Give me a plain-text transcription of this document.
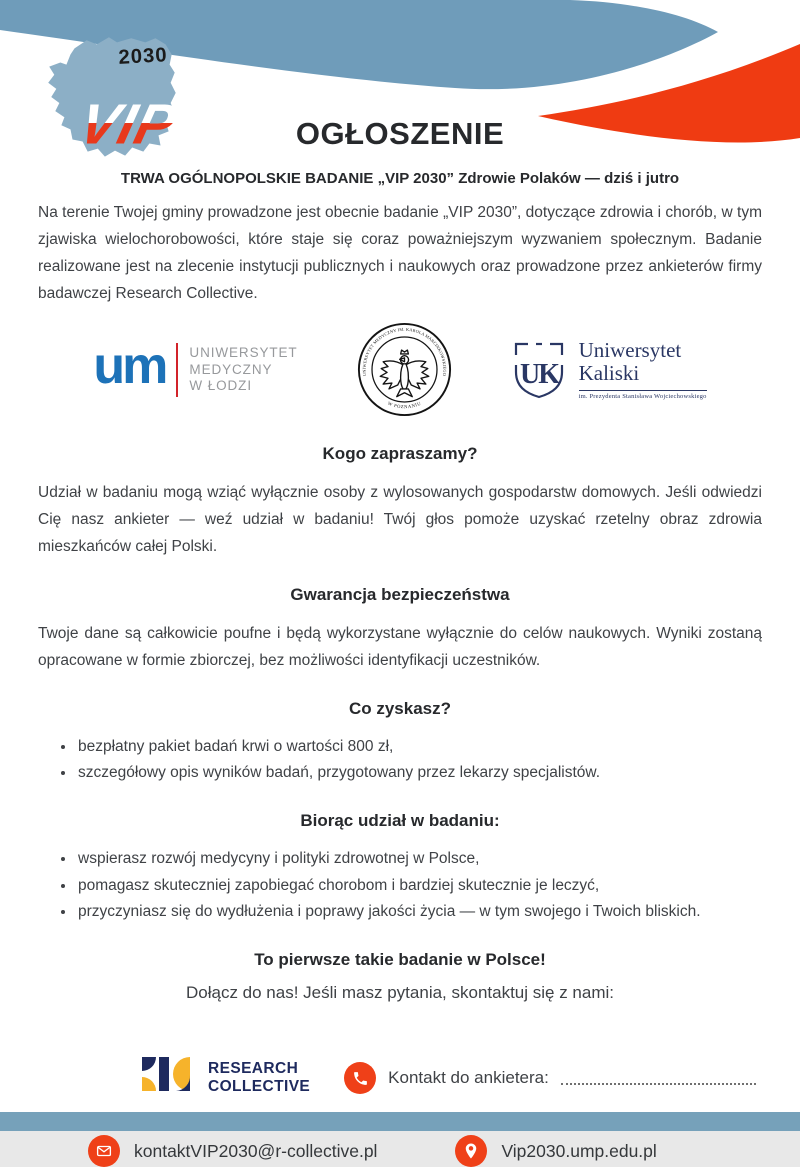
2030
VIP	OGŁOSZENIE
TRWA OGÓLNOPOLSKIE BADANIE „VIP 2030” Zdrowie Polaków — dziś i jutro

Na terenie Twojej gminy prowadzone jest obecnie badanie „VIP 2030”, dotyczące zdrowia i chorób, w tym zjawiska wielochorobowości, które staje się coraz poważniejszym wyzwaniem społecznym. Badanie realizowane jest na zlecenie instytucji publicznych i naukowych oraz prowadzone przez ankieterów firmy badawczej Research Collective.

um UNIWERSYTET
MEDYCZNY
W ŁODZI
UNIWERSYTET MEDYCZNY IM. KAROLA MARCINKOWSKIEGO
W POZNANIU
UK
Uniwersytet
Kaliski
im. Prezydenta Stanisława Wojciechowskiego
Kogo zapraszamy?

Udział w badaniu mogą wziąć wyłącznie osoby z wylosowanych gospodarstw domowych. Jeśli odwiedzi Cię nasz ankieter — weź udział w badaniu! Twój głos pomoże uzyskać rzetelny obraz zdrowia mieszkańców całej Polski.

Gwarancja bezpieczeństwa

Twoje dane są całkowicie poufne i będą wykorzystane wyłącznie do celów naukowych. Wyniki zostaną opracowane w formie zbiorczej, bez możliwości identyfikacji uczestników.

Co zyskasz?
• bezpłatny pakiet badań krwi o wartości 800 zł,
• szczegółowy opis wyników badań, przygotowany przez lekarzy specjalistów.
Biorąc udział w badaniu:
• wspierasz rozwój medycyny i polityki zdrowotnej w Polsce,
• pomagasz skuteczniej zapobiegać chorobom i bardziej skutecznie je leczyć,
• przyczyniasz się do wydłużenia i poprawy jakości życia — w tym swojego i Twoich bliskich.
To pierwsze takie badanie w Polsce!

Dołącz do nas! Jeśli masz pytania, skontaktuj się z nami:

RESEARCH
COLLECTIVE	Kontakt do ankietera:
kontaktVIP2030@r-collective.pl	Vip2030.ump.edu.pl
